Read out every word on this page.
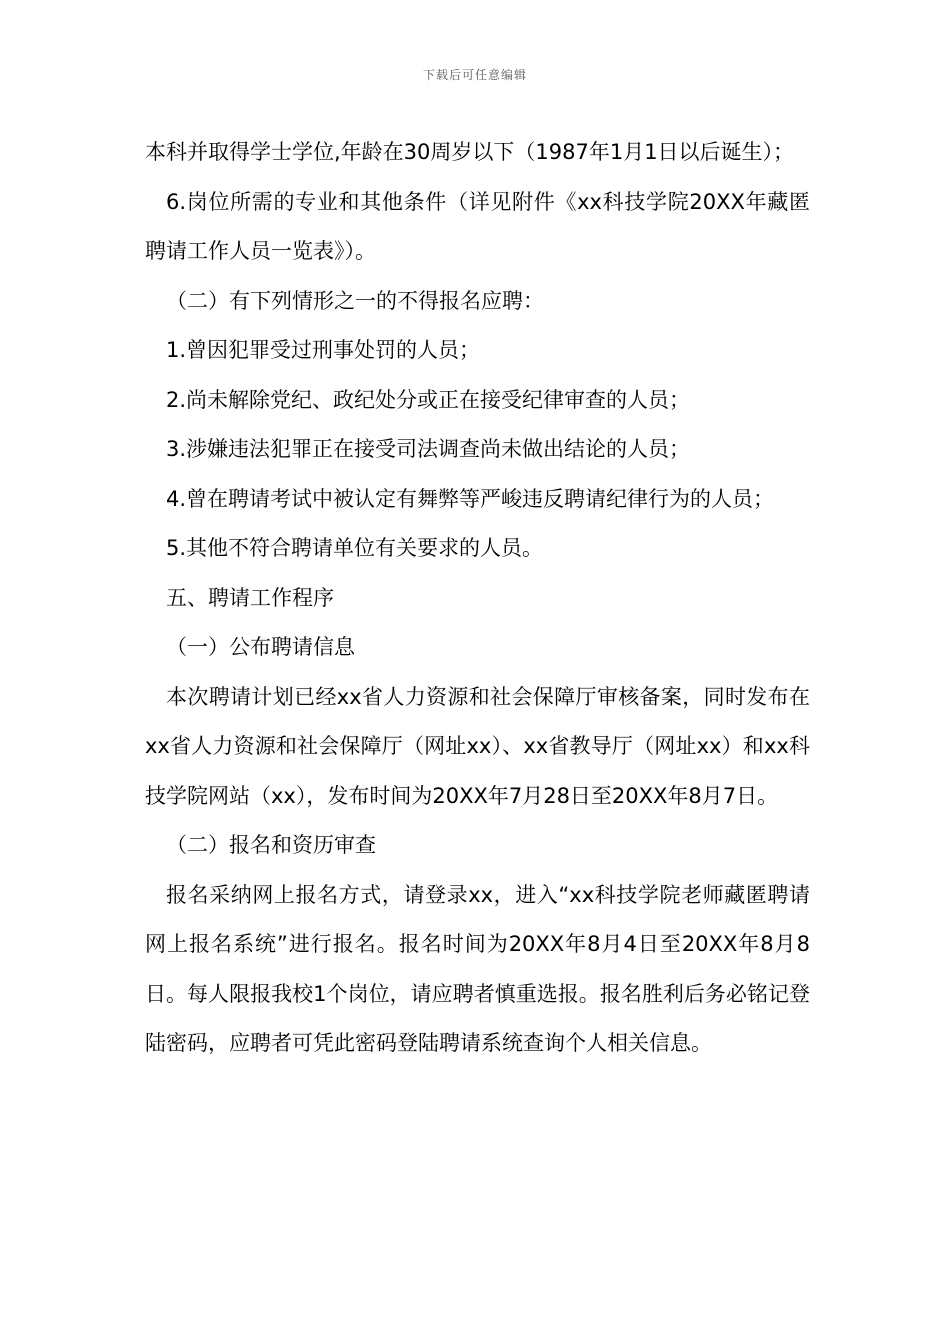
下载后可任意编辑

本科并取得学士学位,年龄在30周岁以下（1987年1月1日以后诞生）；

6.岗位所需的专业和其他条件（详见附件《xx科技学院20XX年藏匿聘请工作人员一览表》）。

（二）有下列情形之一的不得报名应聘：

1.曾因犯罪受过刑事处罚的人员；

2.尚未解除党纪、政纪处分或正在接受纪律审查的人员；

3.涉嫌违法犯罪正在接受司法调查尚未做出结论的人员；

4.曾在聘请考试中被认定有舞弊等严峻违反聘请纪律行为的人员；

5.其他不符合聘请单位有关要求的人员。

五、聘请工作程序

（一）公布聘请信息

本次聘请计划已经xx省人力资源和社会保障厅审核备案，同时发布在xx省人力资源和社会保障厅（网址xx）、xx省教导厅（网址xx）和xx科技学院网站（xx），发布时间为20XX年7月28日至20XX年8月7日。

（二）报名和资历审查

报名采纳网上报名方式，请登录xx，进入“xx科技学院老师藏匿聘请网上报名系统”进行报名。报名时间为20XX年8月4日至20XX年8月8日。每人限报我校1个岗位，请应聘者慎重选报。报名胜利后务必铭记登陆密码，应聘者可凭此密码登陆聘请系统查询个人相关信息。
